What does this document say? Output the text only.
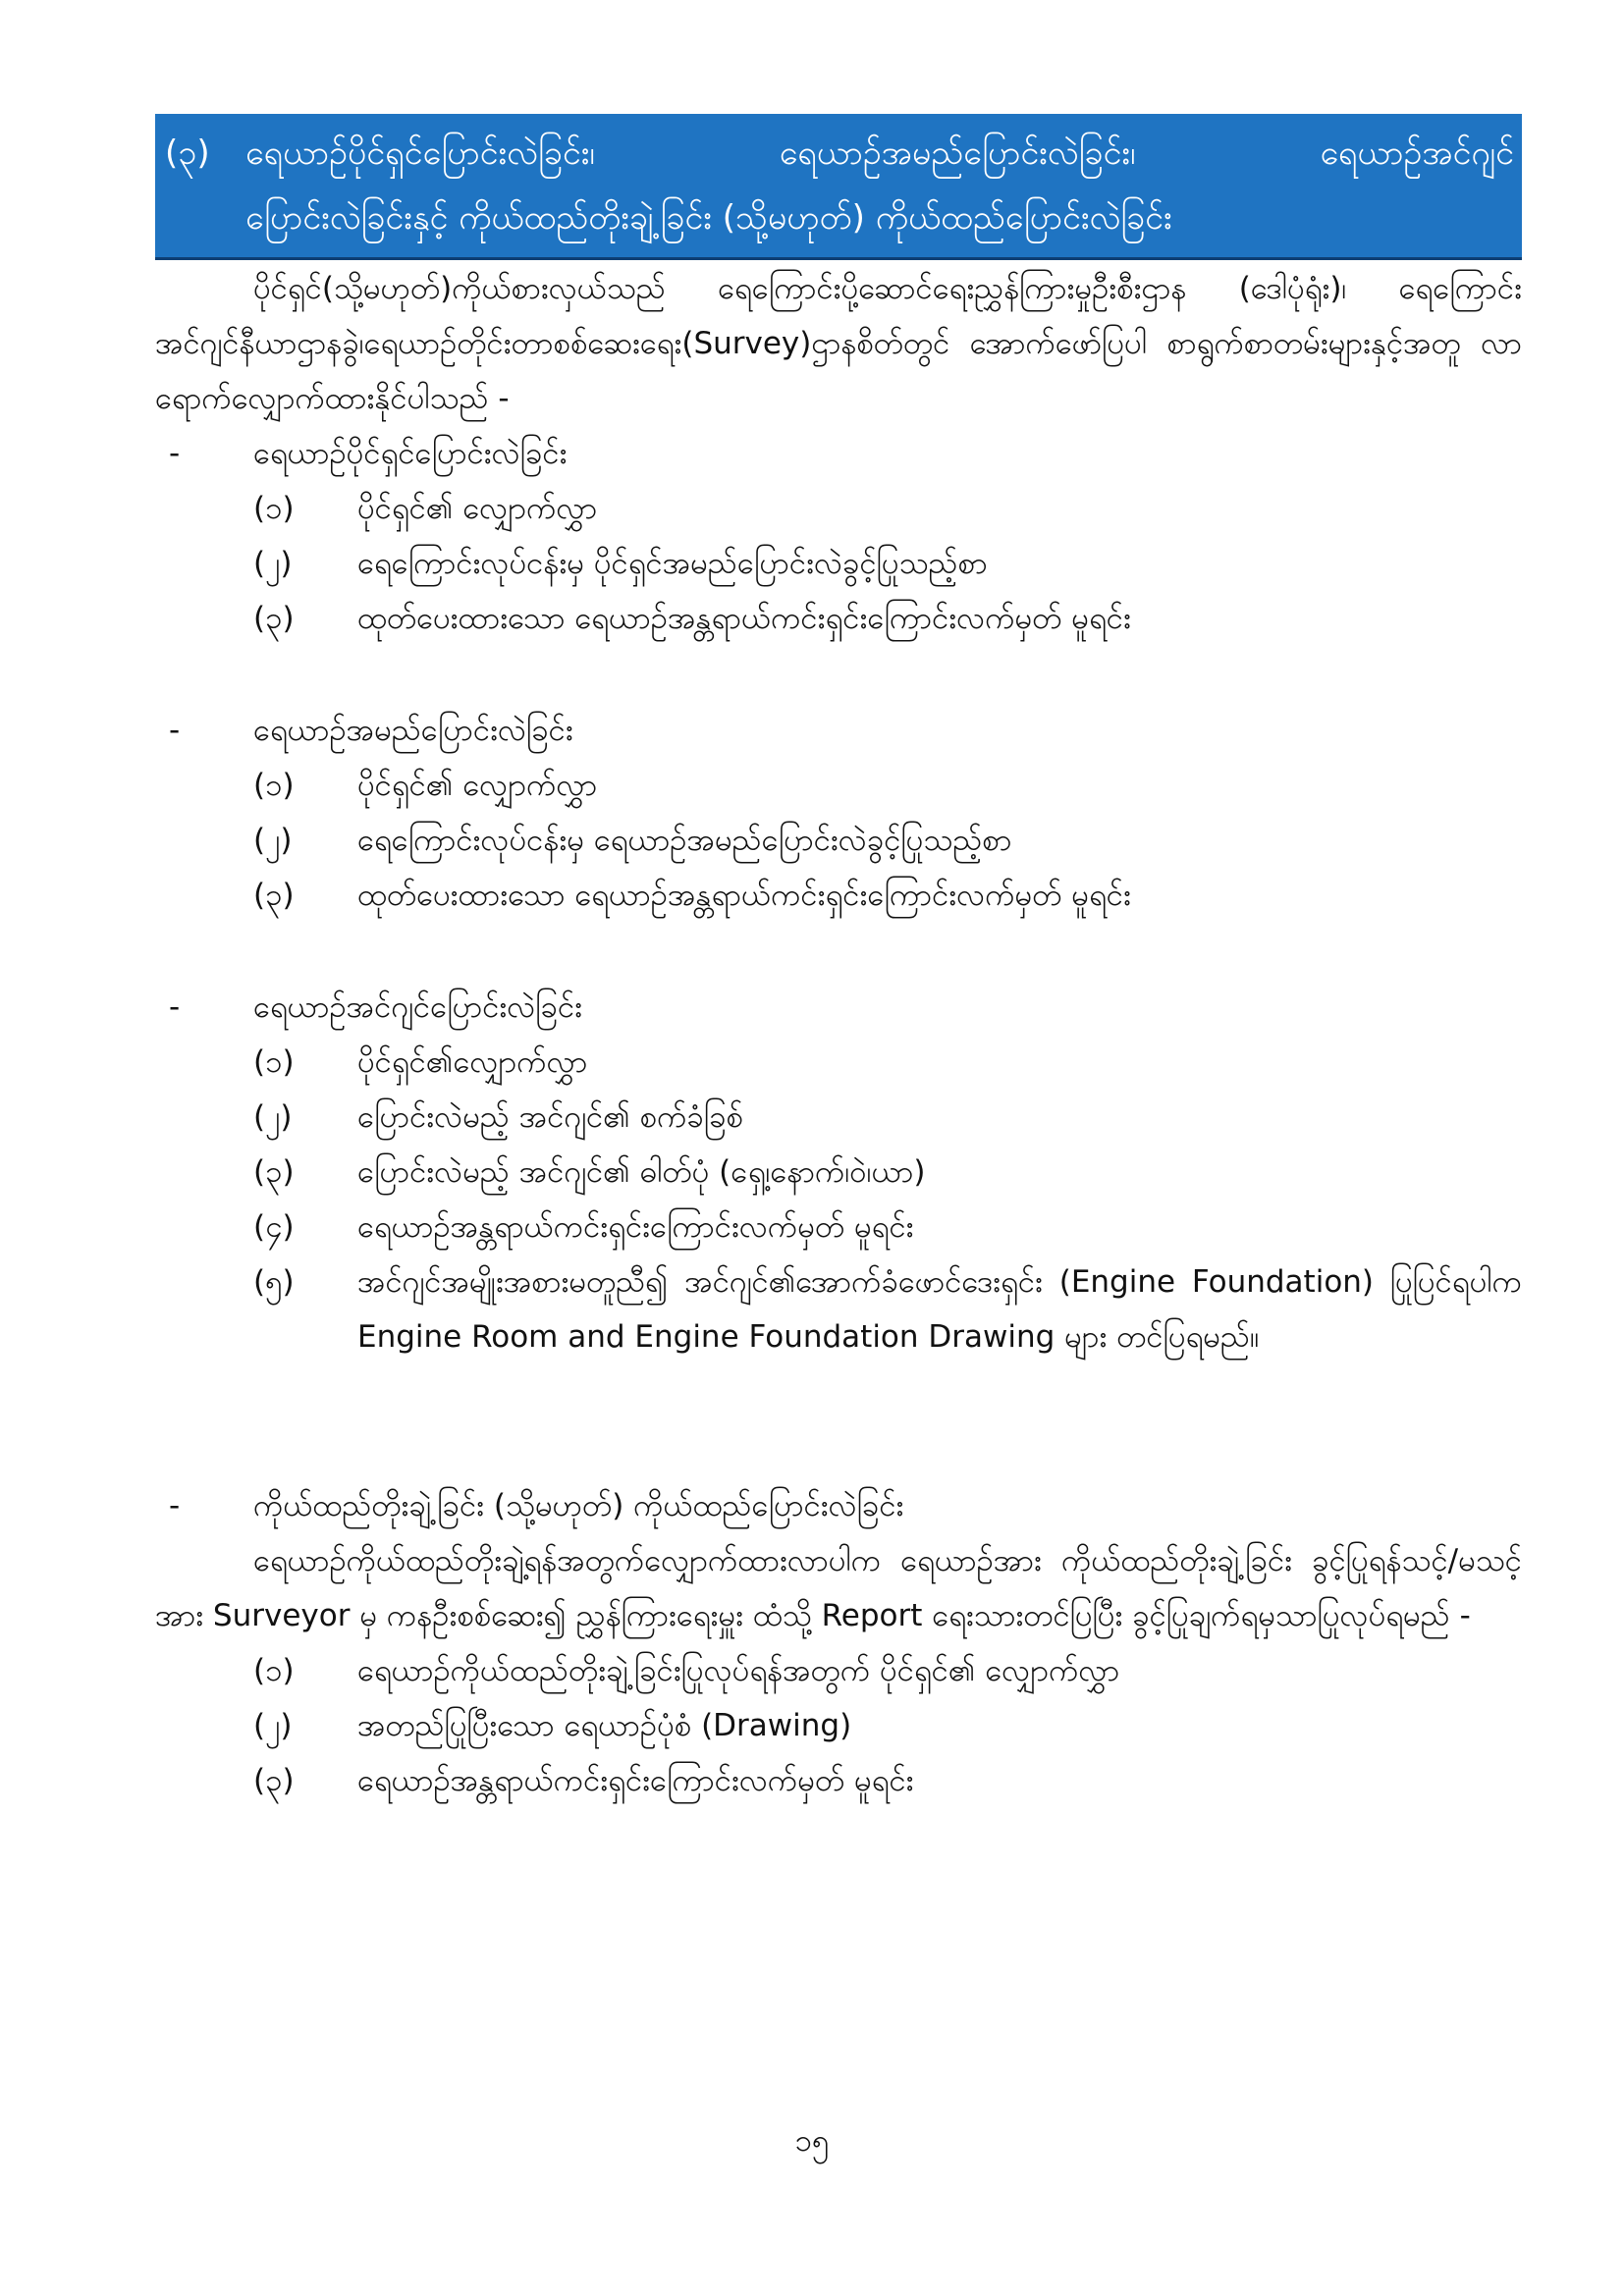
(၃) ရေယာဉ်ပိုင်ရှင်ပြောင်းလဲခြင်း၊	ရေယာဉ်အမည်ပြောင်းလဲခြင်း၊	ရေယာဉ်အင်ဂျင်
ပြောင်းလဲခြင်းနှင့် ကိုယ်ထည်တိုးချဲ့ခြင်း (သို့မဟုတ်) ကိုယ်ထည်ပြောင်းလဲခြင်း

ပိုင်ရှင်(သို့မဟုတ်)ကိုယ်စားလှယ်သည် ရေကြောင်းပို့ဆောင်ရေးညွှန်ကြားမှုဦးစီးဌာန (ဒေါပုံရုံး)၊ ရေကြောင်းအင်ဂျင်နီယာဌာနခွဲ၊ရေယာဉ်တိုင်းတာစစ်ဆေးရေး(Survey)ဌာနစိတ်တွင် အောက်ဖော်ပြပါ စာရွက်စာတမ်းများနှင့်အတူ လာရောက်လျှောက်ထားနိုင်ပါသည် -

- ရေယာဉ်ပိုင်ရှင်ပြောင်းလဲခြင်း
(၁) ပိုင်ရှင်၏ လျှောက်လွှာ
(၂) ရေကြောင်းလုပ်ငန်းမှ ပိုင်ရှင်အမည်ပြောင်းလဲခွင့်ပြုသည့်စာ
(၃) ထုတ်ပေးထားသော ရေယာဉ်အန္တရာယ်ကင်းရှင်းကြောင်းလက်မှတ် မူရင်း
- ရေယာဉ်အမည်ပြောင်းလဲခြင်း
(၁) ပိုင်ရှင်၏ လျှောက်လွှာ
(၂) ရေကြောင်းလုပ်ငန်းမှ ရေယာဉ်အမည်ပြောင်းလဲခွင့်ပြုသည့်စာ
(၃) ထုတ်ပေးထားသော ရေယာဉ်အန္တရာယ်ကင်းရှင်းကြောင်းလက်မှတ် မူရင်း
- ရေယာဉ်အင်ဂျင်ပြောင်းလဲခြင်း
(၁) ပိုင်ရှင်၏လျှောက်လွှာ
(၂) ပြောင်းလဲမည့် အင်ဂျင်၏ စက်ခံခြစ်
(၃) ပြောင်းလဲမည့် အင်ဂျင်၏ ဓါတ်ပုံ (ရှေ့၊နောက်၊ဝဲ၊ယာ)
(၄) ရေယာဉ်အန္တရာယ်ကင်းရှင်းကြောင်းလက်မှတ် မူရင်း
(၅) အင်ဂျင်အမျိုးအစားမတူညီ၍ အင်ဂျင်၏အောက်ခံဖောင်ဒေးရှင်း (Engine Foundation) ပြုပြင်ရပါက Engine Room and Engine Foundation Drawing များ တင်ပြရမည်။
- ကိုယ်ထည်တိုးချဲ့ခြင်း (သို့မဟုတ်) ကိုယ်ထည်ပြောင်းလဲခြင်း

ရေယာဉ်ကိုယ်ထည်တိုးချဲ့ရန်အတွက်လျှောက်ထားလာပါက ရေယာဉ်အား ကိုယ်ထည်တိုးချဲ့ခြင်း ခွင့်ပြုရန်သင့်/မသင့်အား Surveyor မှ ကနဦးစစ်ဆေး၍ ညွှန်ကြားရေးမှူး ထံသို့ Report ရေးသားတင်ပြပြီး ခွင့်ပြုချက်ရမှသာပြုလုပ်ရမည် -

(၁) ရေယာဉ်ကိုယ်ထည်တိုးချဲ့ခြင်းပြုလုပ်ရန်အတွက် ပိုင်ရှင်၏ လျှောက်လွှာ
(၂) အတည်ပြုပြီးသော ရေယာဉ်ပုံစံ (Drawing)
(၃) ရေယာဉ်အန္တရာယ်ကင်းရှင်းကြောင်းလက်မှတ် မူရင်း
၁၅
